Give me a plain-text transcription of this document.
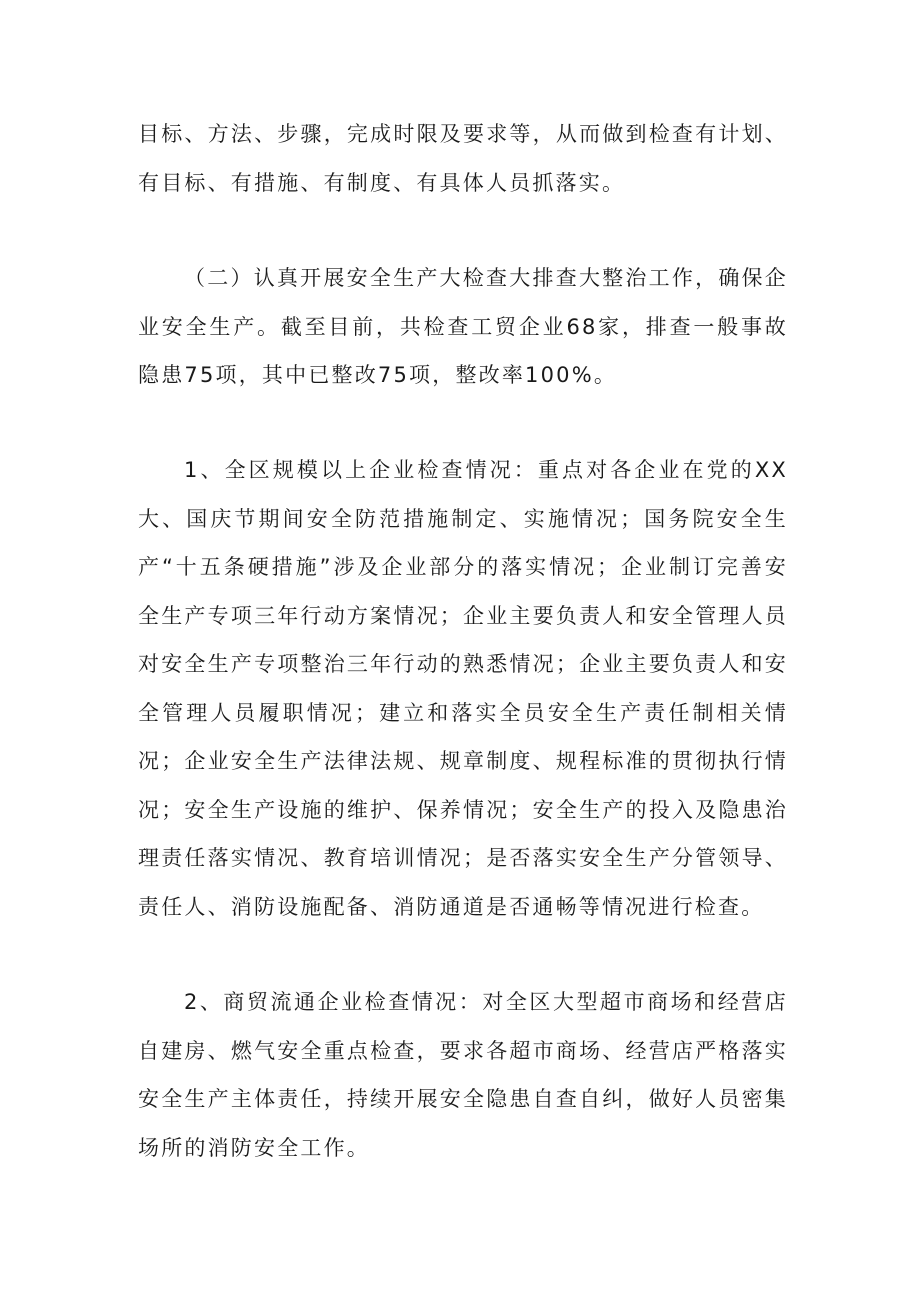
目标、方法、步骤，完成时限及要求等，从而做到检查有计划、有目标、有措施、有制度、有具体人员抓落实。

（二）认真开展安全生产大检查大排查大整治工作，确保企业安全生产。截至目前，共检查工贸企业68家，排查一般事故隐患75项，其中已整改75项，整改率100%。

1、全区规模以上企业检查情况：重点对各企业在党的XX大、国庆节期间安全防范措施制定、实施情况；国务院安全生产“十五条硬措施”涉及企业部分的落实情况；企业制订完善安全生产专项三年行动方案情况；企业主要负责人和安全管理人员对安全生产专项整治三年行动的熟悉情况；企业主要负责人和安全管理人员履职情况；建立和落实全员安全生产责任制相关情况；企业安全生产法律法规、规章制度、规程标准的贯彻执行情况；安全生产设施的维护、保养情况；安全生产的投入及隐患治理责任落实情况、教育培训情况；是否落实安全生产分管领导、责任人、消防设施配备、消防通道是否通畅等情况进行检查。

2、商贸流通企业检查情况：对全区大型超市商场和经营店自建房、燃气安全重点检查，要求各超市商场、经营店严格落实安全生产主体责任，持续开展安全隐患自查自纠，做好人员密集场所的消防安全工作。
